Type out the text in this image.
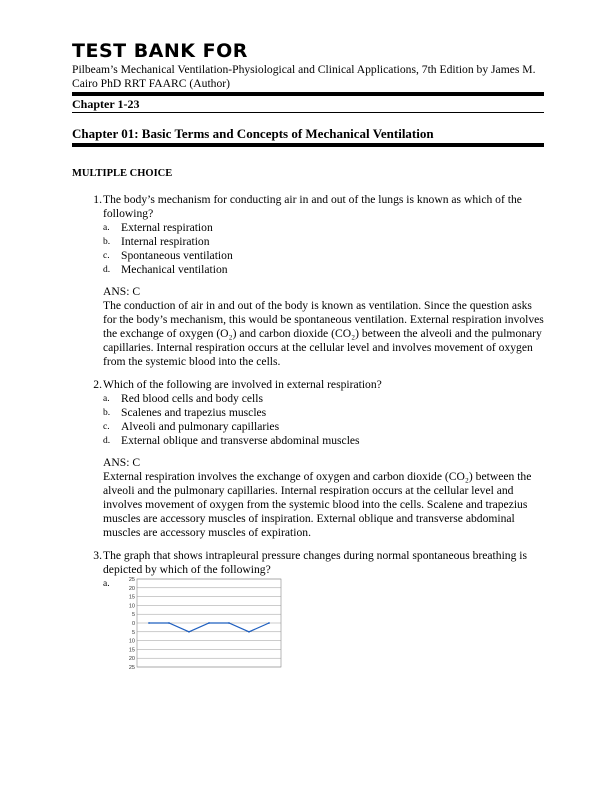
TEST BANK FOR
Pilbeam’s Mechanical Ventilation-Physiological and Clinical Applications, 7th Edition by James M. Cairo PhD RRT FAARC (Author)
Chapter 1-23
Chapter 01: Basic Terms and Concepts of Mechanical Ventilation
MULTIPLE CHOICE
1. The body’s mechanism for conducting air in and out of the lungs is known as which of the following?
a. External respiration
b. Internal respiration
c. Spontaneous ventilation
d. Mechanical ventilation
ANS: C
The conduction of air in and out of the body is known as ventilation. Since the question asks for the body’s mechanism, this would be spontaneous ventilation. External respiration involves the exchange of oxygen (O₂) and carbon dioxide (CO₂) between the alveoli and the pulmonary capillaries. Internal respiration occurs at the cellular level and involves movement of oxygen from the systemic blood into the cells.
2. Which of the following are involved in external respiration?
a. Red blood cells and body cells
b. Scalenes and trapezius muscles
c. Alveoli and pulmonary capillaries
d. External oblique and transverse abdominal muscles
ANS: C
External respiration involves the exchange of oxygen and carbon dioxide (CO₂) between the alveoli and the pulmonary capillaries. Internal respiration occurs at the cellular level and involves movement of oxygen from the systemic blood into the cells. Scalene and trapezius muscles are accessory muscles of inspiration. External oblique and transverse abdominal muscles are accessory muscles of expiration.
3. The graph that shows intrapleural pressure changes during normal spontaneous breathing is depicted by which of the following?
a.	25
20
15
10
5
0
5
10
15
20
25
